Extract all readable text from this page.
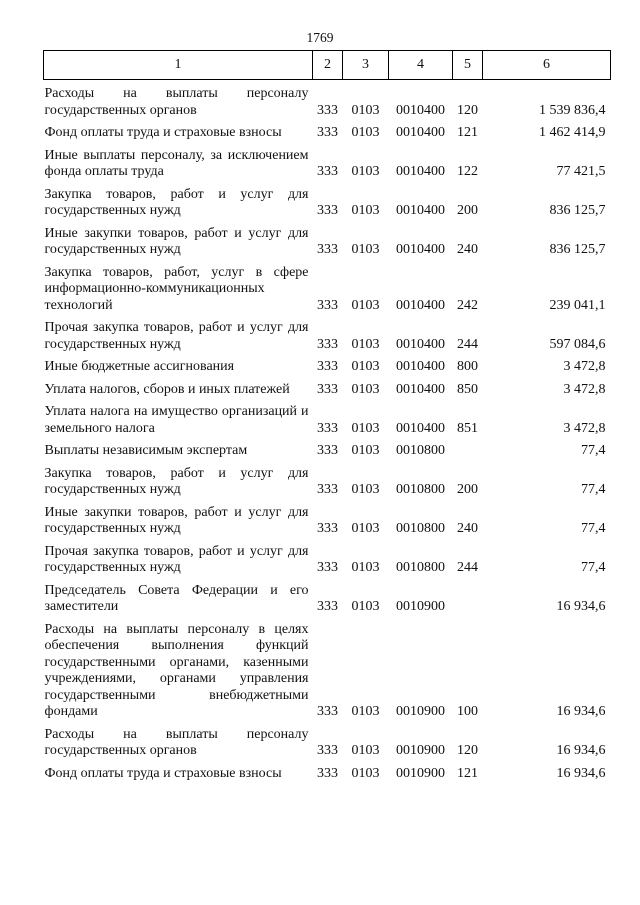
1769
1	2	3	4	5	6
Расходы на выплаты персоналу государственных органов	333	0103	0010400	120	1 539 836,4
Фонд оплаты труда и страховые взносы	333	0103	0010400	121	1 462 414,9
Иные выплаты персоналу, за исключением фонда оплаты труда	333	0103	0010400	122	77 421,5
Закупка товаров, работ и услуг для государственных нужд	333	0103	0010400	200	836 125,7
Иные закупки товаров, работ и услуг для государственных нужд	333	0103	0010400	240	836 125,7
Закупка товаров, работ, услуг в сфере информационно-коммуникационных технологий	333	0103	0010400	242	239 041,1
Прочая закупка товаров, работ и услуг для государственных нужд	333	0103	0010400	244	597 084,6
Иные бюджетные ассигнования	333	0103	0010400	800	3 472,8
Уплата налогов, сборов и иных платежей	333	0103	0010400	850	3 472,8
Уплата налога на имущество организаций и земельного налога	333	0103	0010400	851	3 472,8
Выплаты независимым экспертам	333	0103	0010800		77,4
Закупка товаров, работ и услуг для государственных нужд	333	0103	0010800	200	77,4
Иные закупки товаров, работ и услуг для государственных нужд	333	0103	0010800	240	77,4
Прочая закупка товаров, работ и услуг для государственных нужд	333	0103	0010800	244	77,4
Председатель Совета Федерации и его заместители	333	0103	0010900		16 934,6
Расходы на выплаты персоналу в целях обеспечения выполнения функций государственными органами, казенными учреждениями, органами управления государственными внебюджетными фондами	333	0103	0010900	100	16 934,6
Расходы на выплаты персоналу государственных органов	333	0103	0010900	120	16 934,6
Фонд оплаты труда и страховые взносы	333	0103	0010900	121	16 934,6
